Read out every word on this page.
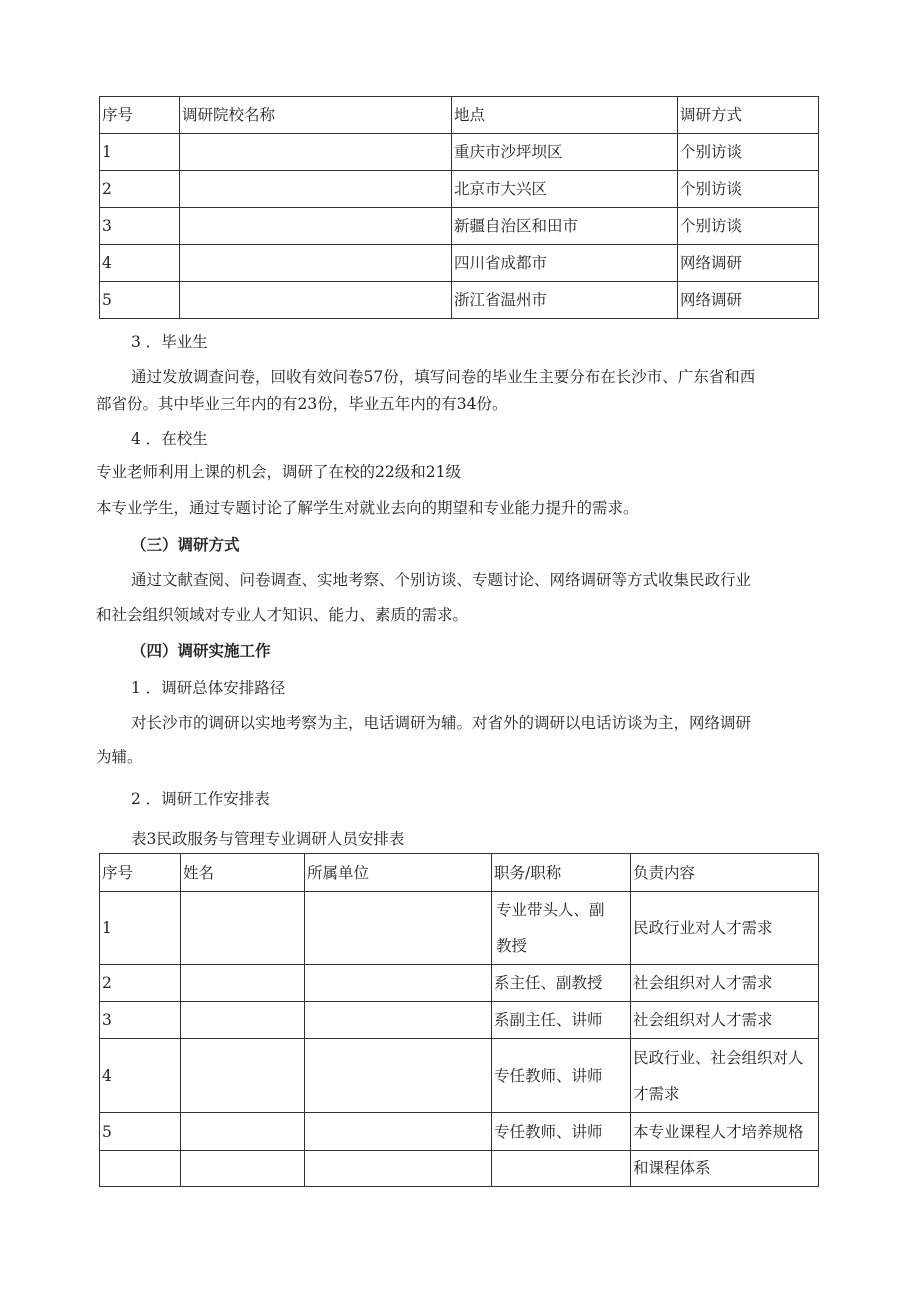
序号	调研院校名称	地点	调研方式
1		重庆市沙坪坝区	个别访谈
2		北京市大兴区	个别访谈
3		新疆自治区和田市	个别访谈
4		四川省成都市	网络调研
5		浙江省温州市	网络调研
3 ．毕业生
通过发放调查问卷，回收有效问卷57份，填写问卷的毕业生主要分布在长沙市、广东省和西
部省份。其中毕业三年内的有23份，毕业五年内的有34份。
4 ．在校生
专业老师利用上课的机会，调研了在校的22级和21级
本专业学生，通过专题讨论了解学生对就业去向的期望和专业能力提升的需求。
（三）调研方式
通过文献查阅、问卷调查、实地考察、个别访谈、专题讨论、网络调研等方式收集民政行业
和社会组织领域对专业人才知识、能力、素质的需求。
（四）调研实施工作
1 ．调研总体安排路径
对长沙市的调研以实地考察为主，电话调研为辅。对省外的调研以电话访谈为主，网络调研
为辅。
2 ．调研工作安排表
表3民政服务与管理专业调研人员安排表
序号	姓名	所属单位	职务/职称	负责内容
1			专业带头人、副教授	民政行业对人才需求
2			系主任、副教授	社会组织对人才需求
3			系副主任、讲师	社会组织对人才需求
4			专任教师、讲师	民政行业、社会组织对人才需求
5			专任教师、讲师	本专业课程人才培养规格和课程体系
